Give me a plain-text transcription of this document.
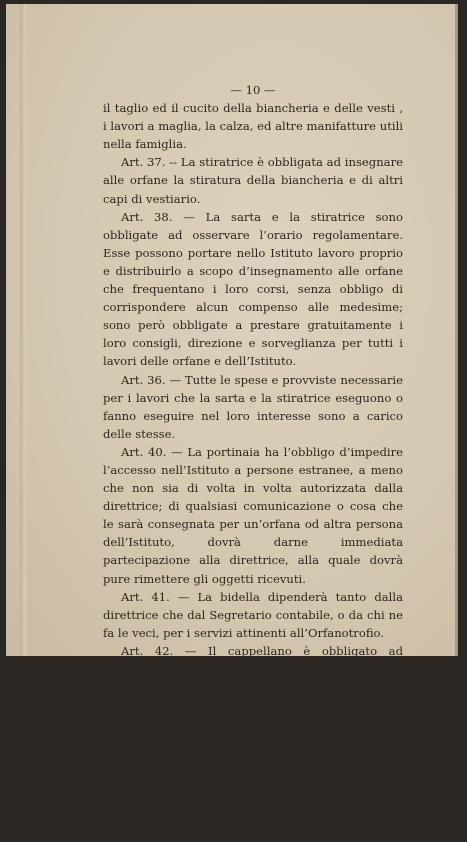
— 10 —

il taglio ed il cucito della biancheria e delle vesti , i lavori a maglia, la calza, ed altre manifatture utili nella famiglia.

Art. 37. -- La stiratrice è obbligata ad insegnare alle orfane la stiratura della biancheria e di altri capi di vestiario.

Art. 38. — La sarta e la stiratrice sono obbligate ad osservare l’orario regolamentare. Esse possono portare nello Istituto lavoro proprio e distribuirlo a scopo d’insegnamento alle orfane che frequentano i loro corsi, senza obbligo di corrispondere alcun compenso alle medesime; sono però obbligate a prestare gratuitamente i loro consigli, direzione e sorveglianza per tutti i lavori delle orfane e dell’Istituto.

Art. 36. — Tutte le spese e provviste necessarie per i lavori che la sarta e la stiratrice eseguono o fanno eseguire nel loro interesse sono a carico delle stesse.

Art. 40. — La portinaia ha l’obbligo d’impedire l’accesso nell’Istituto a persone estranee, a meno che non sia di volta in volta autorizzata dalla direttrice; di qualsiasi comunicazione o cosa che le sarà consegnata per un’orfana od altra persona dell’Istituto, dovrà darne immediata partecipazione alla direttrice, alla quale dovrà pure rimettere gli oggetti ricevuti.

Art. 41. — La bidella dipenderà tanto dalla direttrice che dal Segretario contabile, o da chi ne fa le veci, per i servizi attinenti all’Orfanotrofio.

Art. 42. — Il cappellano è obbligato ad esercitare il culto nella chiesa dell’Orfanotrofio, ove dovrà celebrare la messa tutte le domeniche e nei giorni di festività religiose.

Art. 43. — Il sagrista cura la pulizia e la custodia della chiesa.

Sanzioni penali per gli impiegati e salariati

Art. 44. — Il personale stipendiato e salariato che mancherà al proprio dovere incorrerà nelle seguenti punizioni.
